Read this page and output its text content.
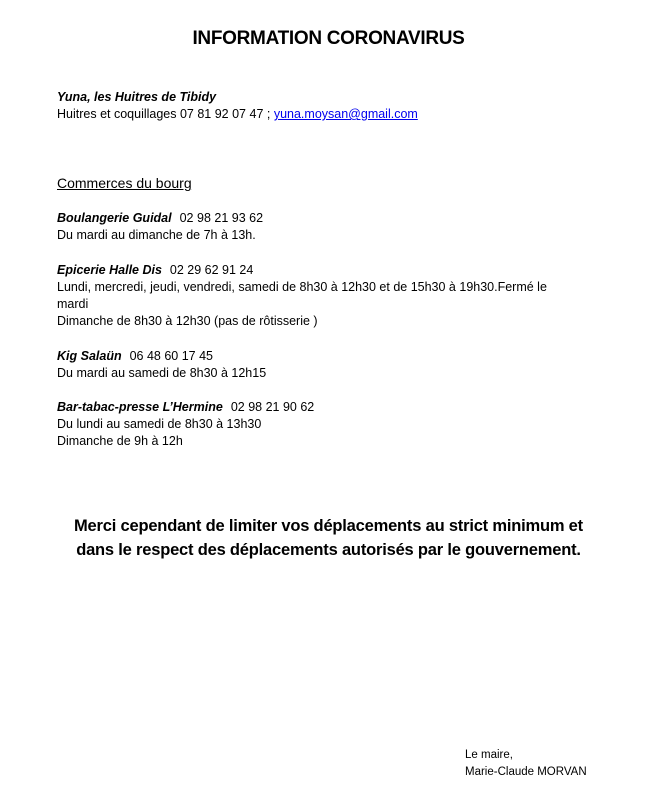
INFORMATION CORONAVIRUS
Yuna, les Huitres de Tibidy
Huitres et coquillages 07 81 92 07 47 ; yuna.moysan@gmail.com
Commerces du bourg
Boulangerie Guidal 02 98 21 93 62
Du mardi au dimanche de 7h à 13h.
Epicerie Halle Dis 02 29 62 91 24
Lundi, mercredi, jeudi, vendredi, samedi de 8h30 à 12h30 et de 15h30 à 19h30.Fermé le mardi
Dimanche de 8h30 à 12h30 (pas de rôtisserie )
Kig Salaün 06 48 60 17 45
Du mardi au samedi de 8h30 à 12h15
Bar-tabac-presse L’Hermine 02 98 21 90 62
Du lundi au samedi de 8h30 à 13h30
Dimanche de 9h à 12h
Merci cependant de limiter vos déplacements au strict minimum et
dans le respect des déplacements autorisés par le gouvernement.
Le maire,
Marie-Claude MORVAN
